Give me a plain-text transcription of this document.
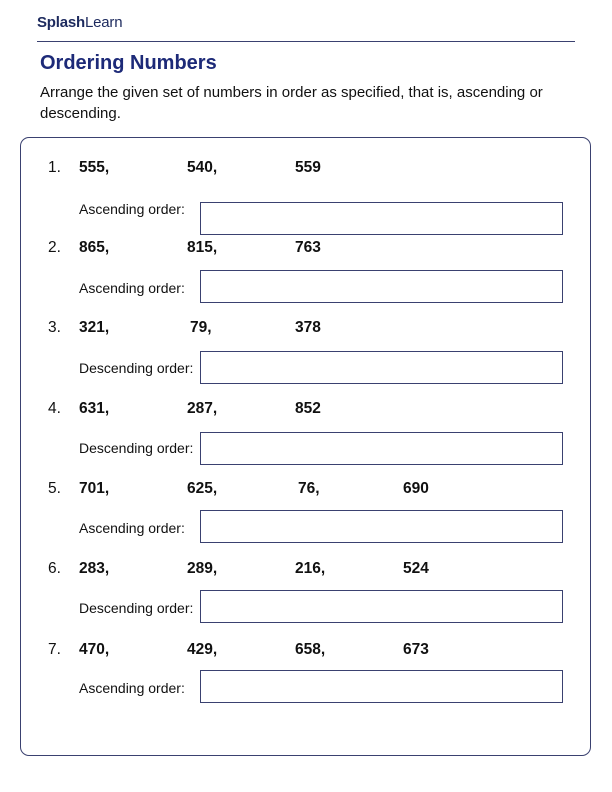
SplashLearn
Ordering Numbers

Arrange the given set of numbers in order as specified, that is, ascending or descending.

1. 555,	540,	559
Ascending order:
2. 865,	815,	763
Ascending order:
3. 321,	79,	378
Descending order:
4. 631,	287,	852
Descending order:
5. 701,	625,	76,	690
Ascending order:
6. 283,	289,	216,	524
Descending order:
7. 470,	429,	658,	673
Ascending order:
